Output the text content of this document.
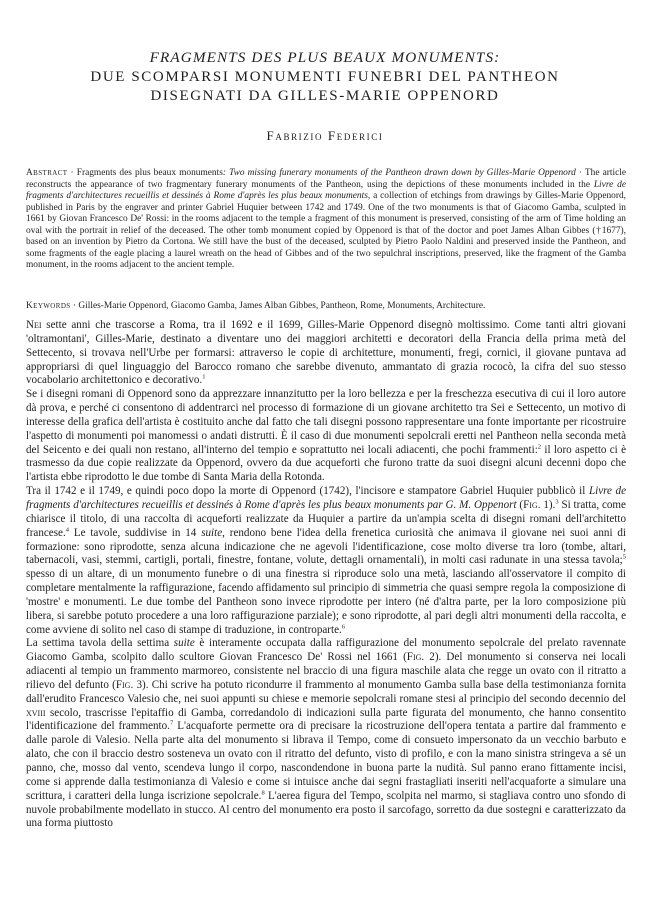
FRAGMENTS DES PLUS BEAUX MONUMENTS:
DUE SCOMPARSI MONUMENTI FUNEBRI DEL PANTHEON
DISEGNATI DA GILLES-MARIE OPPENORD
Fabrizio Federici
Abstract · Fragments des plus beaux monuments: Two missing funerary monuments of the Pantheon drawn down by Gilles-Marie Oppenord · The article reconstructs the appearance of two fragmentary funerary monuments of the Pantheon, using the depictions of these monuments included in the Livre de fragments d'architectures recueillis et dessinés à Rome d'après les plus beaux monuments, a collection of etchings from drawings by Gilles-Marie Oppenord, published in Paris by the engraver and printer Gabriel Huquier between 1742 and 1749. One of the two monuments is that of Giacomo Gamba, sculpted in 1661 by Giovan Francesco De' Rossi: in the rooms adjacent to the temple a fragment of this monument is preserved, consisting of the arm of Time holding an oval with the portrait in relief of the deceased. The other tomb monument copied by Oppenord is that of the doctor and poet James Alban Gibbes (†1677), based on an invention by Pietro da Cortona. We still have the bust of the deceased, sculpted by Pietro Paolo Naldini and preserved inside the Pantheon, and some fragments of the eagle placing a laurel wreath on the head of Gibbes and of the two sepulchral inscriptions, preserved, like the fragment of the Gamba monument, in the rooms adjacent to the ancient temple.
Keywords · Gilles-Marie Oppenord, Giacomo Gamba, James Alban Gibbes, Pantheon, Rome, Monuments, Architecture.

Nei sette anni che trascorse a Roma, tra il 1692 e il 1699, Gilles-Marie Oppenord disegnò moltissimo. Come tanti altri giovani 'oltramontani', Gilles-Marie, destinato a diventare uno dei maggiori architetti e decoratori della Francia della prima metà del Settecento, si trovava nell'Urbe per formarsi: attraverso le copie di architetture, monumenti, fregi, cornici, il giovane puntava ad appropriarsi di quel linguaggio del Barocco romano che sarebbe divenuto, ammantato di grazia rococò, la cifra del suo stesso vocabolario architettonico e decorativo.$^1$

Se i disegni romani di Oppenord sono da apprezzare innanzitutto per la loro bellezza e per la freschezza esecutiva di cui il loro autore dà prova, e perché ci consentono di addentrarci nel processo di formazione di un giovane architetto tra Sei e Settecento, un motivo di interesse della grafica dell'artista è costituito anche dal fatto che tali disegni possono rappresentare una fonte importante per ricostruire l'aspetto di monumenti poi manomessi o andati distrutti. È il caso di due monumenti sepolcrali eretti nel Pantheon nella seconda metà del Seicento e dei quali non restano, all'interno del tempio e soprattutto nei locali adiacenti, che pochi frammenti:$^2$ il loro aspetto ci è trasmesso da due copie realizzate da Oppenord, ovvero da due acqueforti che furono tratte da suoi disegni alcuni decenni dopo che l'artista ebbe riprodotto le due tombe di Santa Maria della Rotonda.

Tra il 1742 e il 1749, e quindi poco dopo la morte di Oppenord (1742), l'incisore e stampatore Gabriel Huquier pubblicò il Livre de fragments d'architectures recueillis et dessinés à Rome d'après les plus beaux monuments par G. M. Oppenort (Fig. 1).$^3$ Si tratta, come chiarisce il titolo, di una raccolta di acqueforti realizzate da Huquier a partire da un'ampia scelta di disegni romani dell'architetto francese.$^4$ Le tavole, suddivise in 14 suite, rendono bene l'idea della frenetica curiosità che animava il giovane nei suoi anni di formazione: sono riprodotte, senza alcuna indicazione che ne agevoli l'identificazione, cose molto diverse tra loro (tombe, altari, tabernacoli, vasi, stemmi, cartigli, portali, finestre, fontane, volute, dettagli ornamentali), in molti casi radunate in una stessa tavola;$^5$ spesso di un altare, di un monumento funebre o di una finestra si riproduce solo una metà, lasciando all'osservatore il compito di completare mentalmente la raffigurazione, facendo affidamento sul principio di simmetria che quasi sempre regola la composizione di 'mostre' e monumenti. Le due tombe del Pantheon sono invece riprodotte per intero (né d'altra parte, per la loro composizione più libera, si sarebbe potuto procedere a una loro raffigurazione parziale); e sono riprodotte, al pari degli altri monumenti della raccolta, e come avviene di solito nel caso di stampe di traduzione, in controparte.$^6$

La settima tavola della settima suite è interamente occupata dalla raffigurazione del monumento sepolcrale del prelato ravennate Giacomo Gamba, scolpito dallo scultore Giovan Francesco De' Rossi nel 1661 (Fig. 2). Del monumento si conserva nei locali adiacenti al tempio un frammento marmoreo, consistente nel braccio di una figura maschile alata che regge un ovato con il ritratto a rilievo del defunto (Fig. 3). Chi scrive ha potuto ricondurre il frammento al monumento Gamba sulla base della testimonianza fornita dall'erudito Francesco Valesio che, nei suoi appunti su chiese e memorie sepolcrali romane stesi al principio del secondo decennio del xviii secolo, trascrisse l'epitaffio di Gamba, corredandolo di indicazioni sulla parte figurata del monumento, che hanno consentito l'identificazione del frammento.$^7$ L'acquaforte permette ora di precisare la ricostruzione dell'opera tentata a partire dal frammento e dalle parole di Valesio. Nella parte alta del monumento si librava il Tempo, come di consueto impersonato da un vecchio barbuto e alato, che con il braccio destro sosteneva un ovato con il ritratto del defunto, visto di profilo, e con la mano sinistra stringeva a sé un panno, che, mosso dal vento, scendeva lungo il corpo, nascondendone in buona parte la nudità. Sul panno erano fittamente incisi, come si apprende dalla testimonianza di Valesio e come si intuisce anche dai segni frastagliati inseriti nell'acquaforte a simulare una scrittura, i caratteri della lunga iscrizione sepolcrale.$^8$ L'aerea figura del Tempo, scolpita nel marmo, si stagliava contro uno sfondo di nuvole probabilmente modellato in stucco. Al centro del monumento era posto il sarcofago, sorretto da due sostegni e caratterizzato da una forma piuttosto
